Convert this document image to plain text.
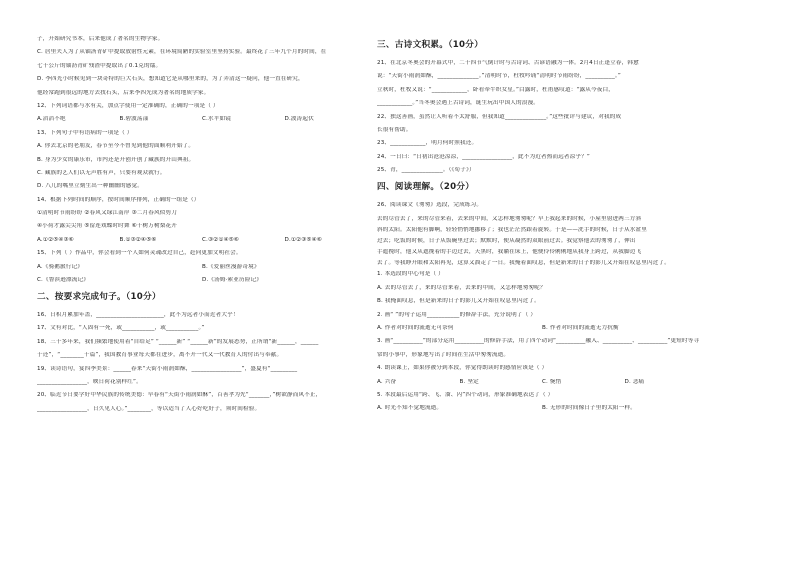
子，开始研究书本，后来他成了著名的生物学家。
C. 居里夫人为了从铀沥青矿中提取放射性元素，在环境简陋的实验室里坚持实验。最终花了三年九个月的时间，在
七千公斤的铀沥青矿残渣中提取出了0.1克的镭。
D. 李四光小时候见到一块奇特的巨大石头，想知道它是从哪里来的，为了弄清这一疑问，他一直在研究，
他经常跑到很远的地方去找石头，后来李四光成为著名的地质学家。
12、下列词语都与水有关，加点字使用一定准确的，正确的一项是（ ）
A.滔滔不绝	B.碧波荡漾	C.水平如镜	D.波涛起伏
13、下列句子中有语病的一项是（ ）
A. 你去北京的老朋友，春节至今不曾见到他的面顺利开始了。
B. 身为少女的康乐市，市内还是开创开创了藏族的开山典祖。
C. 藏族的艺人们以无声胜有声，只要有观众就行。
D. 八儿的嘴里立刻生出一种幽幽的感觉。
14、根据下列时间的顺序，按时间顺序排列，正确的一组是（）
①清明时节雨纷纷 ②春风又绿江南岸 ③二月春风似剪刀
④小荷才露尖尖角 ⑤留连戏蝶时时舞 ⑥千树万树梨花开
A.①②⑤④③⑥	B.①③②④⑤⑥	C.③②①④⑤⑥	D.①②③⑤④⑥
15、下列（ ）作品中，你会看到一个人如何灵魂改过自己，赶向更加文明社会。
A.《骑鹅旅行记》	B.《爱丽丝漫游奇境》
C.《鲁滨逊漂流记》	D.《汤姆·索亚历险记》
二、按要求完成句子。（10分）
16、日积月累加年盖，_______________________，此不为远者小而近者大乎！
17、文有对比，“人固有一死，或___________，或___________。”
18、三十多年来，我们频繁地使用着“自给足” “______新” “______新”的发展态势，正所谓“新______，______
于还”，“________千篇”，我国教育事业每天都在进步，离不开一代又一代教育人的付出与奉献。
19、读诗语句，宴四季美景：______春来“天街小雨润如酥，_________________”，盛夏有“_________
_________________，映日荷花别样红”。
20、临近节日要学好中华民族的传统美德：早春有“天街小雨润如酥”，百善孝为先“_______，”树欲静而风不止，
_________________，日久见人心。”________，等以适当了人心好吃好子，须时间检验。
三、古诗文积累。（10分）
21、在北京冬奥会的开幕式中，二十四节气倒计时与古诗词、古谚语融为一体。2月4日正逢立春，韩愈
说：“天街小雨润如酥，______________。”清明时节，杜牧吟诵“清明时节雨纷纷，__________。”
立秋时，杜牧又说：“____________，卧看牵牛织女星。”白露时，杜甫感叹道：“露从今夜白，
____________。”当冬奥会遇上古诗词，诞生玩出中国人的浪漫。
22、独这善画，虽然让人听着不太舒服，但我知道______________。”这些批评与建议，对我的成
长很有帮助。
23、____________，明月何时照我还。
24、一日曰：“日初出沧沧凉凉，_________________，此不为近者热而远者凉乎？”
25、青，______________。（《荀子》）
四、阅读理解。（20分）
26、阅读课文《匆匆》选段，完成练习。
去的尽管去了，来的尽管来着，去来的中间，又怎样地匆匆呢？早上我起来的时候，小屋里射进两三方斜
斜的太阳。太阳他有脚啊，轻轻悄悄地挪移了；我也茫茫然跟着旋转。于是——洗手的时候，日子从水盆里
过去；吃饭的时候，日子从饭碗里过去；默默时，便从凝然的双眼前过去。我觉察他去的匆匆了，伸出
手遮挽时，他又从遮挽着的手边过去，天黑时，我躺在床上，他便伶伶俐俐地从我身上跨过，从我脚边飞
去了。等我睁开眼和太阳再见，这算又溜走了一日。我掩着面叹息，但是新来的日子的影儿又开始在叹息里闪过了。
1. 本选段的中心句是（ ）
A. 去的尽管去了，来的尽管来着，去来的中间，又怎样地匆匆呢？
B. 我掩面叹息，但是新来的日子的影儿又开始在叹息里闪过了。
2. 画“ ”的句子运用___________的修辞手法，充分说明了（ ）
A. 作者对时间的流逝无可奈何	B. 作者对时间的流逝无力抗衡
3. 画“__________”的部分运用__________的修辞手法，用了四个动词“__________融入、__________、__________”更短时等寻
常的小事中，形象地写出了时间在生活中匆匆流逝。
4. 朗读课上，如果你被分到本段，你觉得朗读时的感情应该是（ ）
A. 兴奋	B. 坚定	C. 惋惜	D. 悲痛
5. 本段最后运用“跨、飞、溜、闪”四个动词，形象准确地表达了（ ）
A. 时光不知不觉地流逝。	B. 无形的时间像日子里的太阳一样。
